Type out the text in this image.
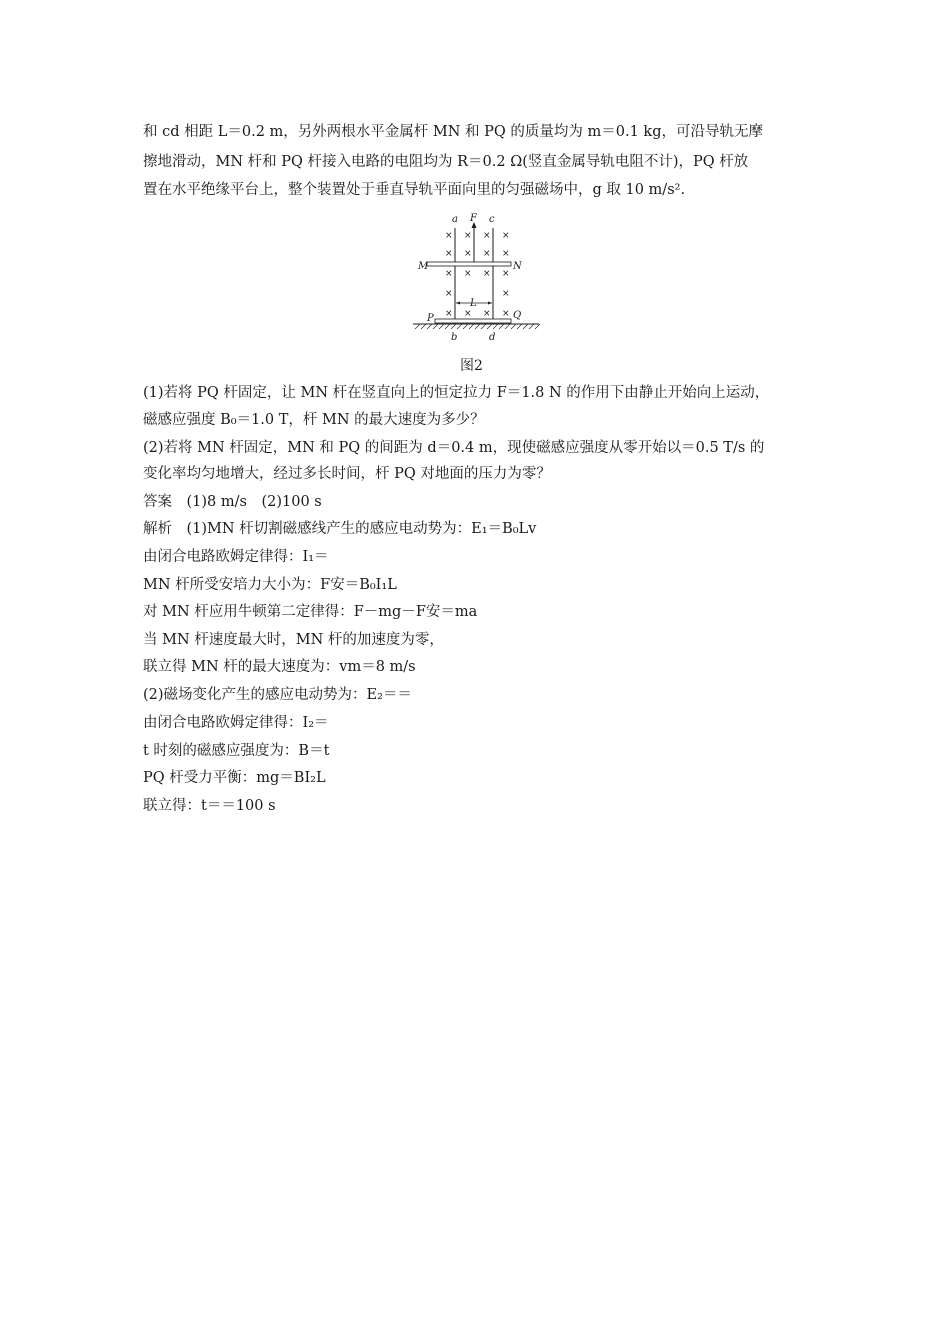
和 cd 相距 L＝0.2 m，另外两根水平金属杆 MN 和 PQ 的质量均为 m＝0.1 kg，可沿导轨无摩
擦地滑动，MN 杆和 PQ 杆接入电路的电阻均为 R＝0.2 Ω(竖直金属导轨电阻不计)，PQ 杆放
置在水平绝缘平台上，整个装置处于垂直导轨平面向里的匀强磁场中，g 取 10 m/s².
× × × ×
× × × ×
× × × ×
×	×
× × × ×
a F c
M	N
L
P	Q
b	d
图2
(1)若将 PQ 杆固定，让 MN 杆在竖直向上的恒定拉力 F＝1.8 N 的作用下由静止开始向上运动，
磁感应强度 B₀＝1.0 T，杆 MN 的最大速度为多少？
(2)若将 MN 杆固定，MN 和 PQ 的间距为 d＝0.4 m，现使磁感应强度从零开始以＝0.5 T/s 的
变化率均匀地增大，经过多长时间，杆 PQ 对地面的压力为零？
答案　(1)8 m/s　(2)100 s
解析　(1)MN 杆切割磁感线产生的感应电动势为：E₁＝B₀Lv
由闭合电路欧姆定律得：I₁＝
MN 杆所受安培力大小为：F安＝B₀I₁L
对 MN 杆应用牛顿第二定律得：F－mg－F安＝ma
当 MN 杆速度最大时，MN 杆的加速度为零，
联立得 MN 杆的最大速度为：vm＝8 m/s
(2)磁场变化产生的感应电动势为：E₂＝＝
由闭合电路欧姆定律得：I₂＝
t 时刻的磁感应强度为：B＝t
PQ 杆受力平衡：mg＝BI₂L
联立得：t＝＝100 s
